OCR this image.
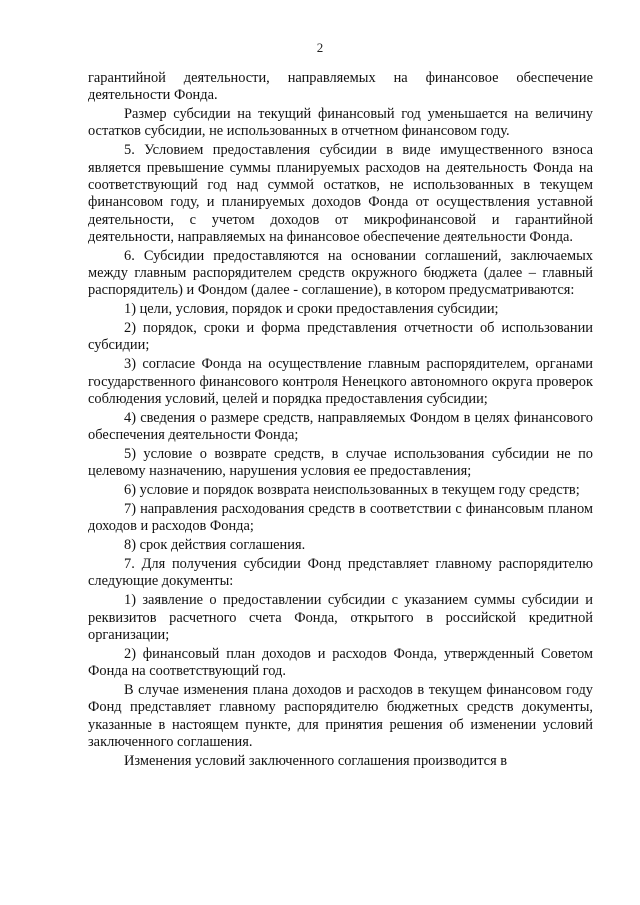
2

гарантийной деятельности, направляемых на финансовое обеспечение деятельности Фонда.

Размер субсидии на текущий финансовый год уменьшается на величину остатков субсидии, не использованных в отчетном финансовом году.

5. Условием предоставления субсидии в виде имущественного взноса является превышение суммы планируемых расходов на деятельность Фонда на соответствующий год над суммой остатков, не использованных в текущем финансовом году, и планируемых доходов Фонда от осуществления уставной деятельности, с учетом доходов от микрофинансовой и гарантийной деятельности, направляемых на финансовое обеспечение деятельности Фонда.

6. Субсидии предоставляются на основании соглашений, заключаемых между главным распорядителем средств окружного бюджета (далее – главный распорядитель) и Фондом (далее - соглашение), в котором предусматриваются:

1) цели, условия, порядок и сроки предоставления субсидии;

2) порядок, сроки и форма представления отчетности об использовании субсидии;

3) согласие Фонда на осуществление главным распорядителем, органами государственного финансового контроля Ненецкого автономного округа проверок соблюдения условий, целей и порядка предоставления субсидии;

4) сведения о размере средств, направляемых Фондом в целях финансового обеспечения деятельности Фонда;

5) условие о возврате средств, в случае использования субсидии не по целевому назначению, нарушения условия ее предоставления;

6) условие и порядок возврата неиспользованных в текущем году средств;

7) направления расходования средств в соответствии с финансовым планом доходов и расходов Фонда;

8) срок действия соглашения.

7. Для получения субсидии Фонд представляет главному распорядителю следующие документы:

1) заявление о предоставлении субсидии с указанием суммы субсидии и реквизитов расчетного счета Фонда, открытого в российской кредитной организации;

2) финансовый план доходов и расходов Фонда, утвержденный Советом Фонда на соответствующий год.

В случае изменения плана доходов и расходов в текущем финансовом году Фонд представляет главному распорядителю бюджетных средств документы, указанные в настоящем пункте, для принятия решения об изменении условий заключенного соглашения.

Изменения условий заключенного соглашения производится в
